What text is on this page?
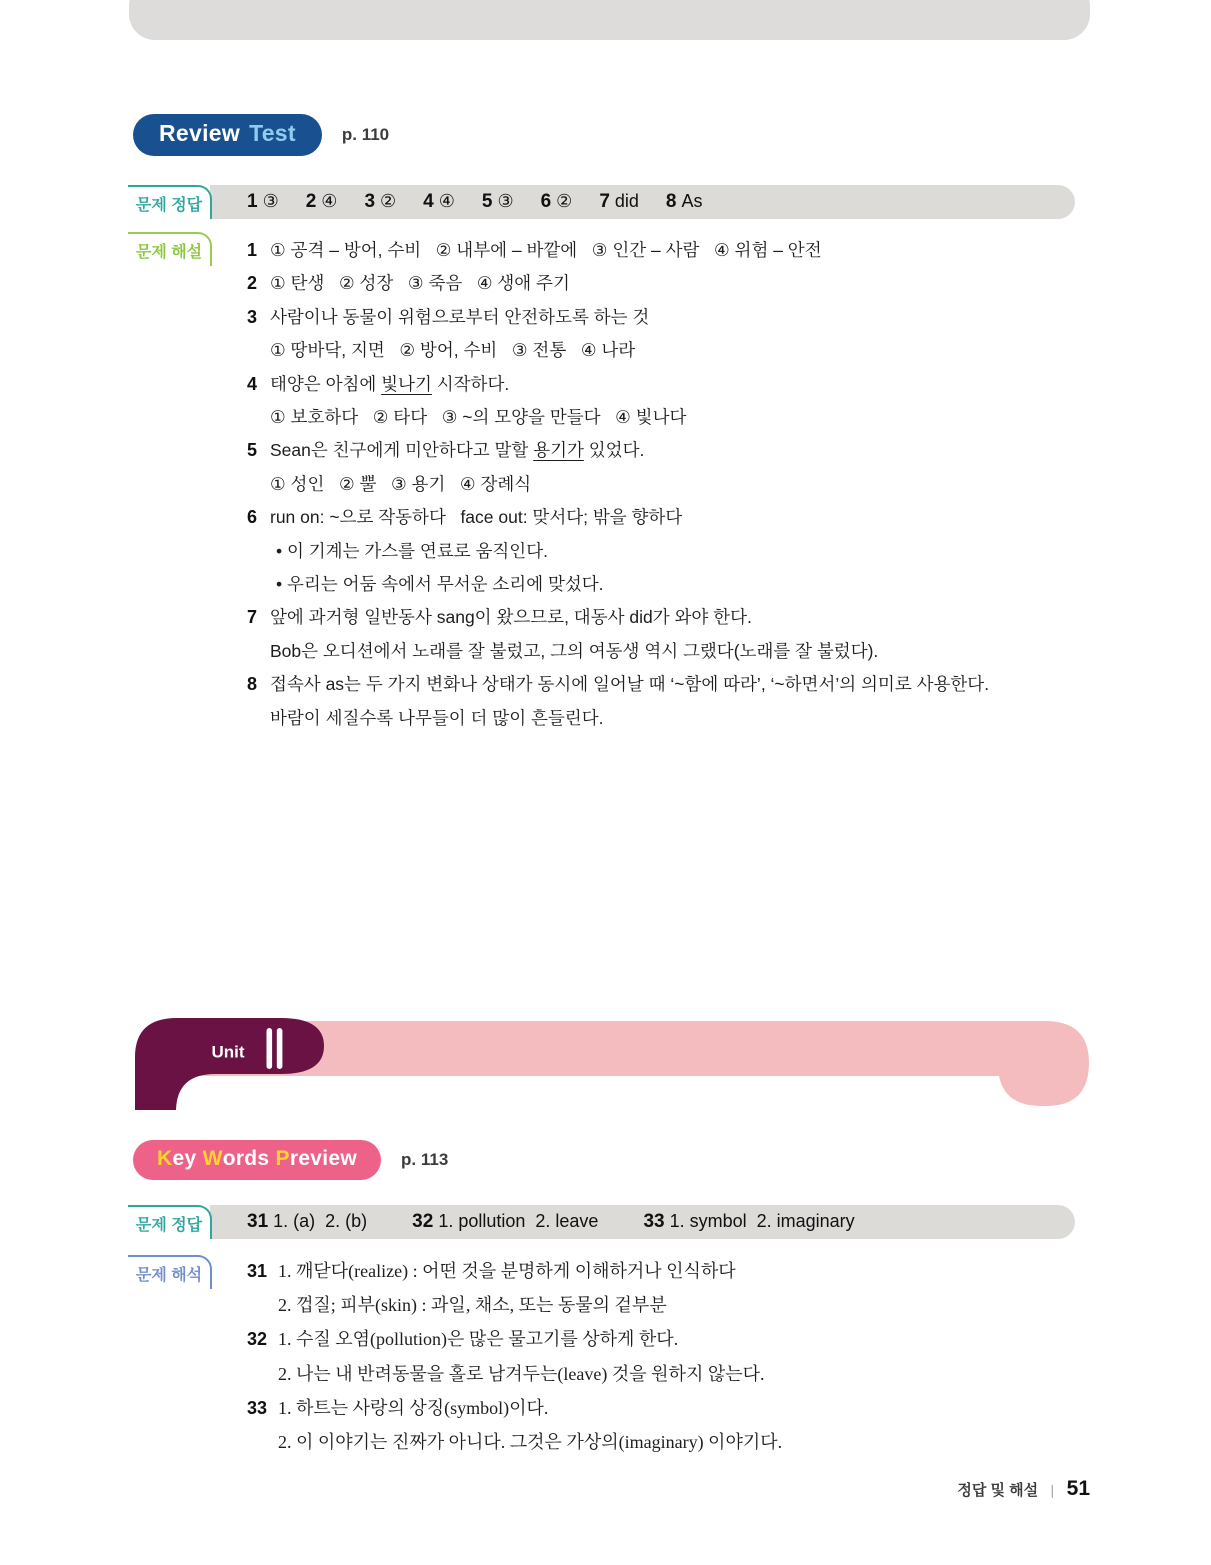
Review Test	p. 110
문제 정답	1 ③ 2 ④ 3 ② 4 ④ 5 ③ 6 ② 7 did 8 As
문제 해설	1 ① 공격 – 방어, 수비   ② 내부에 – 바깥에   ③ 인간 – 사람   ④ 위험 – 안전
2 ① 탄생   ② 성장   ③ 죽음   ④ 생애 주기
3 사람이나 동물이 위험으로부터 안전하도록 하는 것
① 땅바닥, 지면   ② 방어, 수비   ③ 전통   ④ 나라
4 태양은 아침에 빛나기 시작하다.
① 보호하다   ② 타다   ③ ~의 모양을 만들다   ④ 빛나다
5 Sean은 친구에게 미안하다고 말할 용기가 있었다.
① 성인   ② 뿔   ③ 용기   ④ 장례식
6 run on: ~으로 작동하다   face out: 맞서다; 밖을 향하다
• 이 기계는 가스를 연료로 움직인다.
• 우리는 어둠 속에서 무서운 소리에 맞섰다.
7 앞에 과거형 일반동사 sang이 왔으므로, 대동사 did가 와야 한다.
Bob은 오디션에서 노래를 잘 불렀고, 그의 여동생 역시 그랬다(노래를 잘 불렀다).
8 접속사 as는 두 가지 변화나 상태가 동시에 일어날 때 ‘~함에 따라’, ‘~하면서’의 의미로 사용한다.
바람이 세질수록 나무들이 더 많이 흔들린다.
Unit
K ey W ords P review	p. 113
문제 정답	31 1. (a)  2. (b) 32 1. pollution  2. leave 33 1. symbol  2. imaginary
문제 해석	31 1. 깨닫다(realize) : 어떤 것을 분명하게 이해하거나 인식하다
2. 껍질; 피부(skin) : 과일, 채소, 또는 동물의 겉부분
32 1. 수질 오염(pollution)은 많은 물고기를 상하게 한다.
2. 나는 내 반려동물을 홀로 남겨두는(leave) 것을 원하지 않는다.
33 1. 하트는 사랑의 상징(symbol)이다.
2. 이 이야기는 진짜가 아니다. 그것은 가상의(imaginary) 이야기다.
정답 및 해설 ∣ 51
